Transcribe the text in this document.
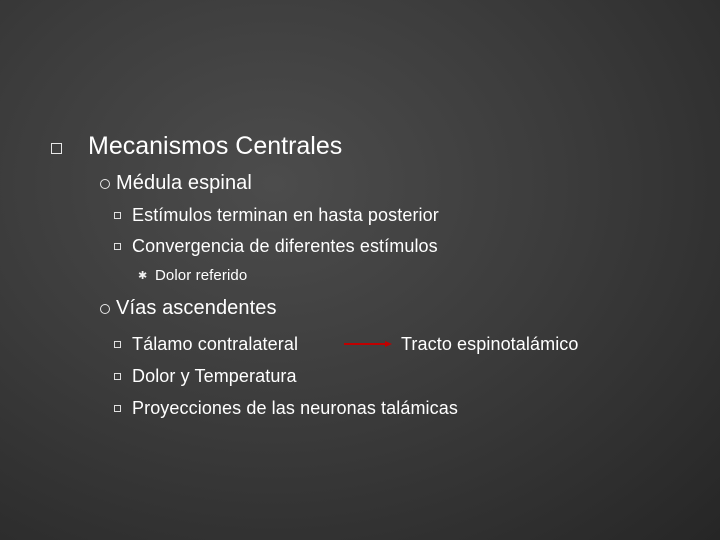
Mecanismos Centrales
Médula espinal
Estímulos terminan en hasta posterior
Convergencia de diferentes estímulos
✱ Dolor referido
Vías ascendentes
Tálamo contralateral	Tracto espinotalámico
Dolor y Temperatura
Proyecciones de las neuronas talámicas
